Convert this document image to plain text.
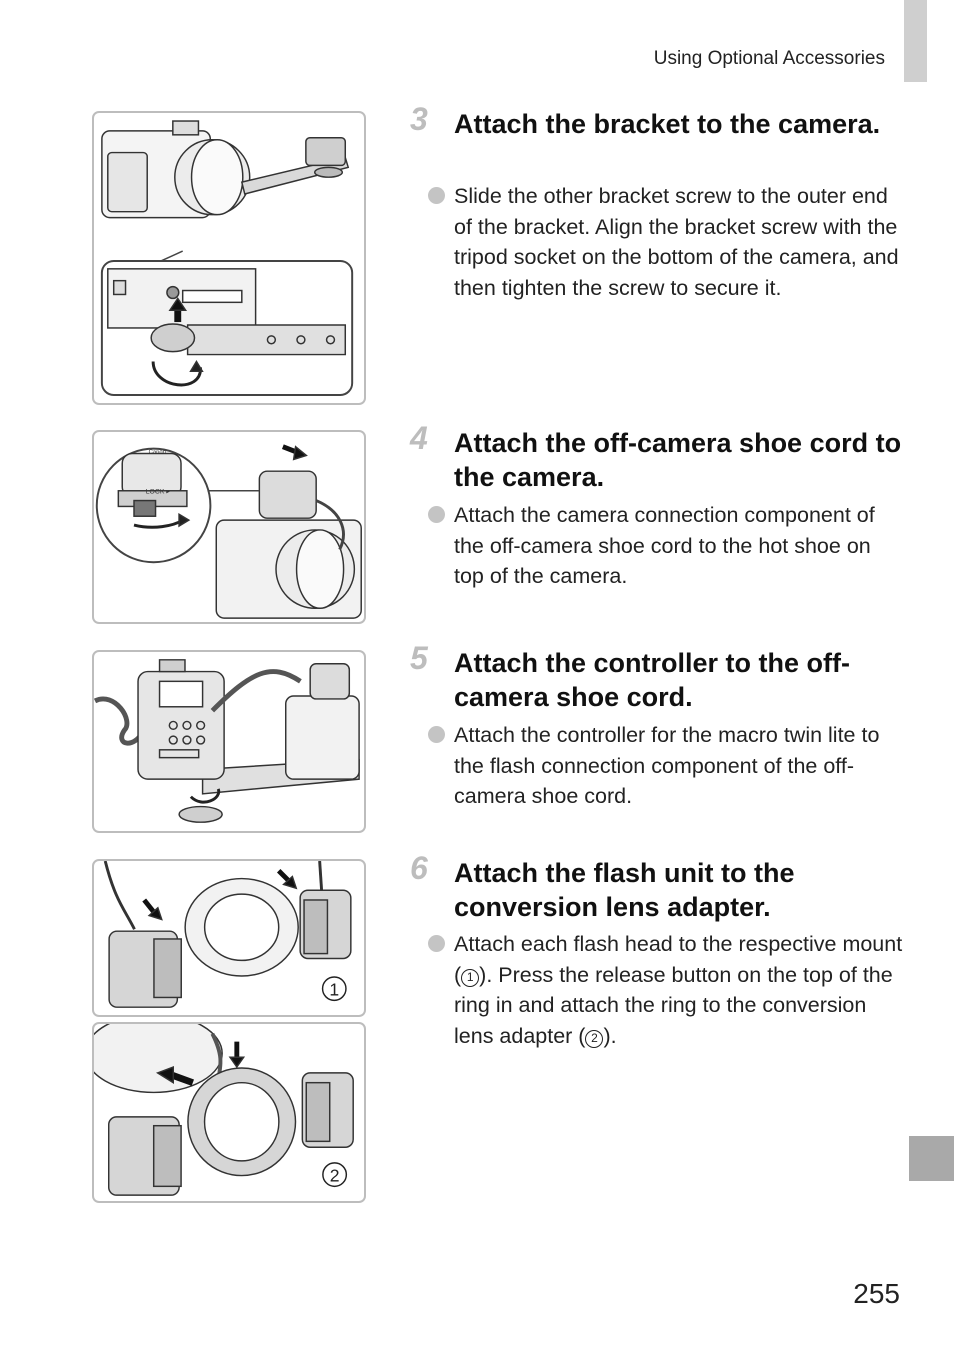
Using Optional Accessories
LOCK ▸
Canon
1
2
3 Attach the bracket to the camera.
Slide the other bracket screw to the outer end of the bracket. Align the bracket screw with the tripod socket on the bottom of the camera, and then tighten the screw to secure it.
4 Attach the off-camera shoe cord to the camera.
Attach the camera connection component of the off-camera shoe cord to the hot shoe on top of the camera.
5 Attach the controller to the off-camera shoe cord.
Attach the controller for the macro twin lite to the flash connection component of the off-camera shoe cord.
6 Attach the flash unit to the conversion lens adapter.
Attach each flash head to the respective mount ( 1 ). Press the release button on the top of the ring in and attach the ring to the conversion lens adapter ( 2 ).
255
